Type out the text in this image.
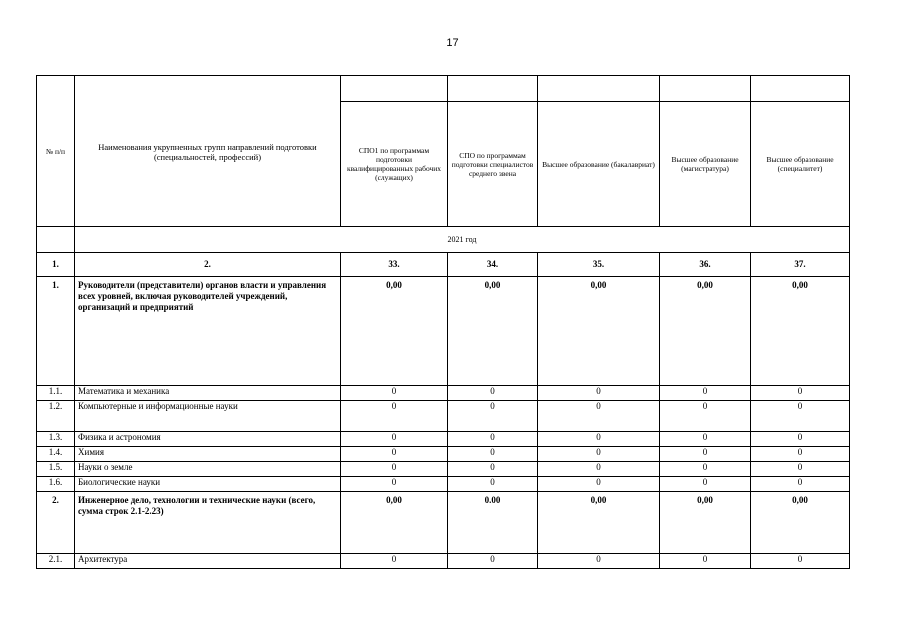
17
№ п/п	Наименования укрупненных групп направлений подготовки (специальностей, профессий)					
		СПО1 по программам подготовки квалифицированных рабочих (служащих)	СПО по программам подготовки специалистов среднего звена	Высшее образование (бакалавриат)	Высшее образование (магистратура)	Высшее образование (специалитет)
	2021 год					
1.	2.	33.	34.	35.	36.	37.
1.	Руководители (представители) органов власти и управления всех уровней, включая руководителей учреждений, организаций и предприятий	0,00	0,00	0,00	0,00	0,00
1.1.	Математика и механика	0	0	0	0	0
1.2.	Компьютерные и информационные науки	0	0	0	0	0
1.3.	Физика и астрономия	0	0	0	0	0
1.4.	Химия	0	0	0	0	0
1.5.	Науки о земле	0	0	0	0	0
1.6.	Биологические науки	0	0	0	0	0
2.	Инженерное дело, технологии и технические науки (всего, сумма строк 2.1-2.23)	0,00	0.00	0,00	0,00	0,00
2.1.	Архитектура	0	0	0	0	0
